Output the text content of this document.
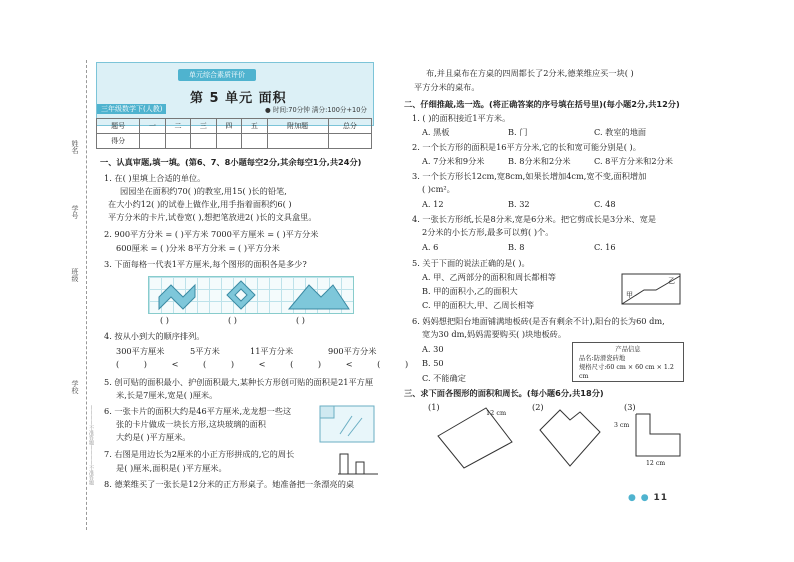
姓名
学号
班级
学校
————不准答题————不准答题
单元综合素质评价
第 5 单元 面积
三年级数学下(人教)	● 时间:70分钟 满分:100分+10分
题号	一	二	三	四	五	附加题	总分
得分							
一、认真审题,填一填。(第6、7、8小题每空2分,其余每空1分,共24分)
1. 在( )里填上合适的单位。
园园坐在面积约70( )的教室,用15( )长的铅笔,
在大小约12( )的试卷上做作业,用手指着面积约6( )
平方分米的卡片,试卷宽( ),想把笔放进2( )长的文具盒里。
2. 900平方分米 = ( )平方米 7000平方厘米 = ( )平方分米
600厘米 = ( )分米 8平方分米 = ( )平方分米
3. 下面每格一代表1平方厘米,每个图形的面积各是多少?
( )	( )	( )
4. 按从小到大的顺序排列。
300平方厘米	5平方米	11平方分米	900平方分米
( ) < ( ) < ( ) < ( )
5. 创可贴的面积最小、护创面积最大,某种长方形创可贴的面积是21平方厘
米,长是7厘米,宽是( )厘米。
6. 一张卡片的面积大约是46平方厘米,龙龙想一些这
张的卡片做成一块长方形,这块玻璃的面积
大约是( )平方厘米。
7. 右图是用边长为2厘米的小正方形拼成的,它的周长
是( )厘米,面积是( )平方厘米。
8. 德莱维买了一张长是12分米的正方形桌子。她准备把一条漂亮的桌
布,并且桌布在方桌的四周都长了2分米,德莱维应买一块( )
平方分米的桌布。
二、仔细推敲,选一选。(将正确答案的序号填在括号里)(每小题2分,共12分)
1. ( )的面积接近1平方米。
A. 黑板	B. 门	C. 教室的地面
2. 一个长方形的面积是16平方分米,它的长和宽可能分别是( )。
A. 7分米和9分米	B. 8分米和2分米	C. 8平方分米和2分米
3. 一个长方形长12cm,宽8cm,如果长增加4cm,宽不变,面积增加
( )cm²。
A. 12	B. 32	C. 48
4. 一张长方形纸,长是8分米,宽是6分米。把它剪成长是3分米、宽是
2分米的小长方形,最多可以剪( )个。
A. 6	B. 8	C. 16
5. 关于下面的说法正确的是( )。
A. 甲、乙两部分的面积和周长都相等
B. 甲的面积小,乙的面积大
C. 甲的面积大,甲、乙周长相等
甲
乙
6. 妈妈想把阳台地面铺满地板砖(是否有剩余不计),阳台的长为60 dm,
宽为30 dm,妈妈需要购买( )块地板砖。
A. 30
B. 50
C. 不能确定
产品信息
品名:防滑瓷砖地
规格尺寸:60 cm × 60 cm × 1.2 cm
三、求下面各图形的面积和周长。(每小题6分,共18分)
(1)	(2)	(3)
12 cm
3 cm
12 cm
● ● 11
